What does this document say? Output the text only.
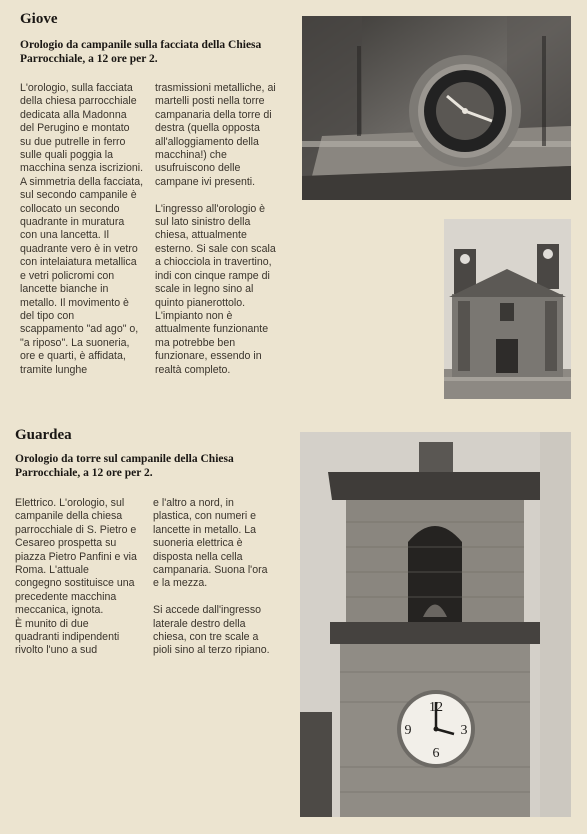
Giove
Orologio da campanile sulla facciata della Chiesa
Parrocchiale, a 12 ore per 2.
L'orologio, sulla facciata
della chiesa parrocchiale
dedicata alla Madonna
del Perugino e montato
su due putrelle in ferro
sulle quali poggia la
macchina senza iscrizioni.
A simmetria della facciata,
sul secondo campanile è
collocato un secondo
quadrante in muratura
con una lancetta. Il
quadrante vero è in vetro
con intelaiatura metallica
e vetri policromi con
lancette bianche in
metallo. Il movimento è
del tipo con
scappamento "ad ago" o,
"a riposo". La suoneria,
ore e quarti, è affidata,
tramite lunghe
trasmissioni metalliche, ai
martelli posti nella torre
campanaria della torre di
destra (quella opposta
all'alloggiamento della
macchina!) che
usufruiscono delle
campane ivi presenti.

L'ingresso all'orologio è
sul lato sinistro della
chiesa, attualmente
esterno. Si sale con scala
a chiocciola in travertino,
indi con cinque rampe di
scale in legno sino al
quinto pianerottolo.
L'impianto non è
attualmente funzionante
ma potrebbe ben
funzionare, essendo in
realtà completo.
Guardea
Orologio da torre sul campanile della Chiesa
Parrocchiale, a 12 ore per 2.
Elettrico. L'orologio, sul
campanile della chiesa
parrocchiale di S. Pietro e
Cesareo prospetta su
piazza Pietro Panfini e via
Roma. L'attuale
congegno sostituisce una
precedente macchina
meccanica, ignota.
È munito di due
quadranti indipendenti
rivolto l'uno a sud
e l'altro a nord, in
plastica, con numeri e
lancette in metallo. La
suoneria elettrica è
disposta nella cella
campanaria. Suona l'ora
e la mezza.

Si accede dall'ingresso
laterale destro della
chiesa, con tre scale a
pioli sino al terzo ripiano.
12
3
6
9
